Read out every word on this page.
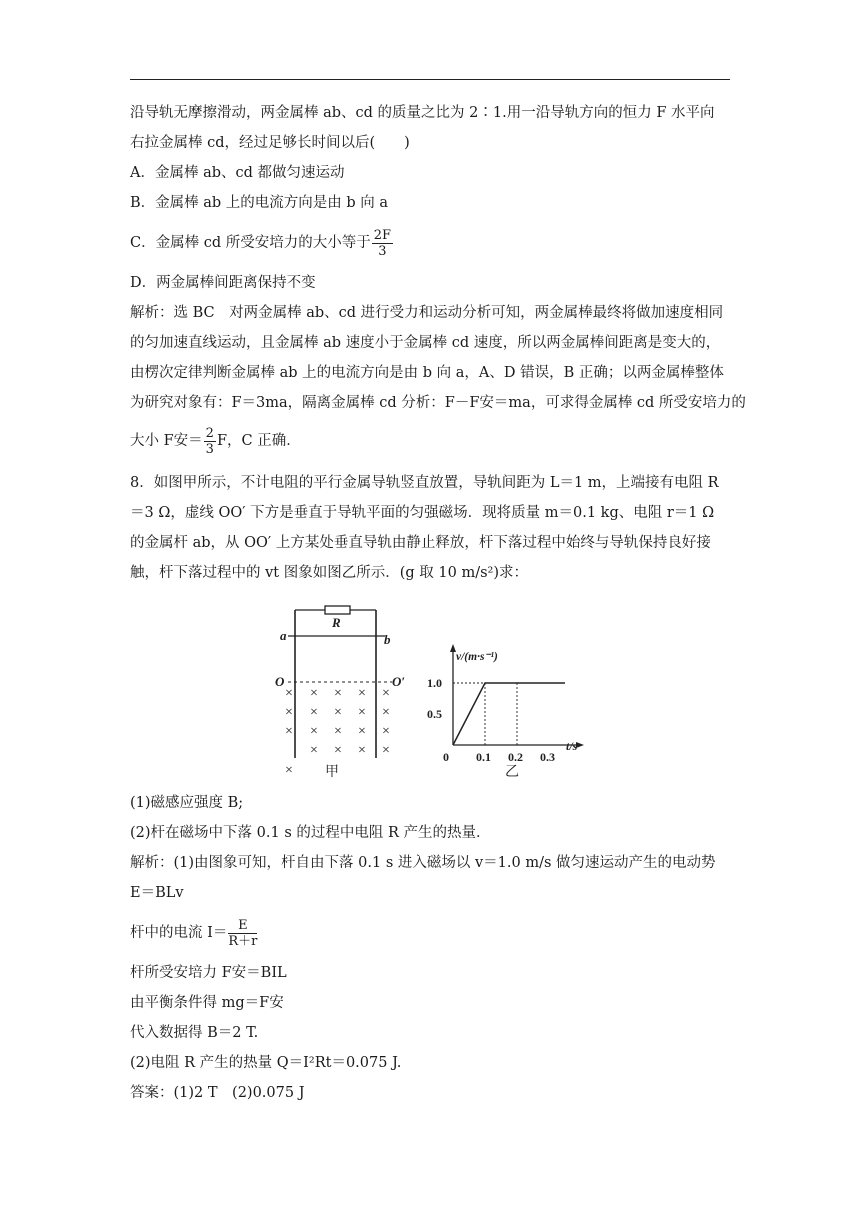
沿导轨无摩擦滑动，两金属棒 ab、cd 的质量之比为 2∶1.用一沿导轨方向的恒力 F 水平向
右拉金属棒 cd，经过足够长时间以后(　　)
A．金属棒 ab、cd 都做匀速运动
B．金属棒 ab 上的电流方向是由 b 向 a
C．金属棒 cd 所受安培力的大小等于 $\frac{2F}{3}$
D．两金属棒间距离保持不变
解析：选 BC　对两金属棒 ab、cd 进行受力和运动分析可知，两金属棒最终将做加速度相同
的匀加速直线运动，且金属棒 ab 速度小于金属棒 cd 速度，所以两金属棒间距离是变大的，
由楞次定律判断金属棒 ab 上的电流方向是由 b 向 a，A、D 错误，B 正确；以两金属棒整体
为研究对象有：F＝3ma，隔离金属棒 cd 分析：F－F安＝ma，可求得金属棒 cd 所受安培力的
大小 F安＝ $\frac{2}{3}$ F，C 正确．
8．如图甲所示，不计电阻的平行金属导轨竖直放置，导轨间距为 L＝1 m，上端接有电阻 R
＝3 Ω，虚线 OO′ 下方是垂直于导轨平面的匀强磁场．现将质量 m＝0.1 kg、电阻 r＝1 Ω
的金属杆 ab，从 OO′ 上方某处垂直导轨由静止释放，杆下落过程中始终与导轨保持良好接
触，杆下落过程中的 vt 图象如图乙所示．(g 取 10 m/s²)求：
R
a	b
O	O′
× × × × ×
× × × × ×
× × × × ×
× × × ×
× 甲
v/(m·s⁻¹)
t/s
1.0
0.5
0 0.1 0.2 0.3
乙
(1)磁感应强度 B;
(2)杆在磁场中下落 0.1 s 的过程中电阻 R 产生的热量．
解析：(1)由图象可知，杆自由下落 0.1 s 进入磁场以 v＝1.0 m/s 做匀速运动产生的电动势
E＝BLv
杆中的电流 $I= \frac{E}{R+r}$
杆所受安培力 F安＝BIL
由平衡条件得 mg＝F安
代入数据得 B＝2 T.
(2)电阻 R 产生的热量 Q＝I²Rt＝0.075 J.
答案：(1)2 T　(2)0.075 J
